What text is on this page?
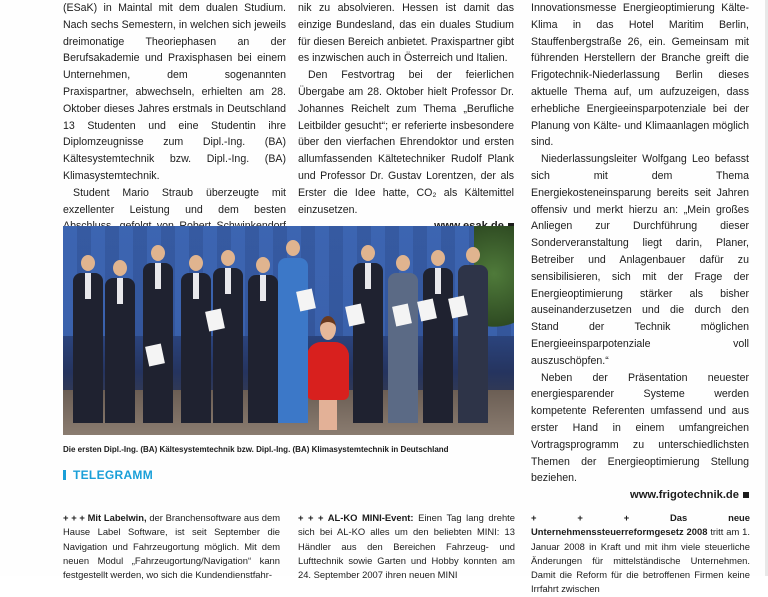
(ESaK) in Maintal mit dem dualen Studium. Nach sechs Semestern, in welchen sich jeweils dreimonatige Theoriephasen an der Berufsakademie und Praxisphasen bei einem Unternehmen, dem sogenannten Praxispartner, abwechseln, erhielten am 28. Oktober dieses Jahres erstmals in Deutschland 13 Studenten und eine Studentin ihre Diplomzeugnisse zum Dipl.-Ing. (BA) Kältesystemtechnik bzw. Dipl.-Ing. (BA) Klimasystemtechnik.

Student Mario Straub überzeugte mit exzellenter Leistung und dem besten

nik zu absolvieren. Hessen ist damit das einzige Bundesland, das ein duales Studium für diesen Bereich anbietet. Praxispartner gibt es inzwischen auch in Österreich und Italien.

Den Festvortrag bei der feierlichen Übergabe am 28. Oktober hielt Professor Dr. Johannes Reichelt zum Thema „Berufliche Leitbilder gesucht“; er referierte insbesondere über den vierfachen Ehrendoktor und ersten allumfassenden Kältetechniker Rudolf Plank und Professor Dr. Gustav Lorentzen, der als Erster die Idee hatte, CO₂ als Kältemittel einzusetzen.

Innovationsmesse Energieoptimierung Kälte-Klima in das Hotel Maritim Berlin, Stauffenbergstraße 26, ein. Gemeinsam mit führenden Herstellern der Branche greift die Frigotechnik-Niederlassung Berlin dieses aktuelle Thema auf, um aufzuzeigen, dass erhebliche Energieeinsparpotenziale bei der Planung von Kälte- und Klimaanlagen möglich sind.

Niederlassungsleiter Wolfgang Leo befasst sich mit dem Thema Energiekosteneinsparung bereits seit Jahren offensiv und merkt hierzu an: „Mein großes Anliegen zur Durchführung dieser Sonderveranstaltung liegt darin, Planer, Betreiber und Anlagenbauer dafür zu sensibilisieren, sich mit der Frage der Energieoptimierung stärker als bisher auseinanderzusetzen und die durch den Stand der Technik möglichen Energieeinsparpotenziale voll auszuschöpfen.“

Neben der Präsentation neuester energiesparender Systeme werden kompetente Referenten umfassend und aus erster Hand in einem umfangreichen Vortragsprogramm zu unterschiedlichsten Themen der Energieoptimierung Stellung beziehen.

www.frigotechnik.de
Die ersten Dipl.-Ing. (BA) Kältesystemtechnik bzw. Dipl.-Ing. (BA) Klimasystemtechnik in Deutschland
TELEGRAMM
+ + + Mit Labelwin, der Branchensoftware aus dem Hause Label Software, ist seit September die Navigation und Fahrzeugortung möglich. Mit dem neuen Modul „Fahrzeugortung/Navigation“ kann festgestellt werden, wo sich die Kundendienstfahr-
+ + + AL-KO MINI-Event: Einen Tag lang drehte sich bei AL-KO alles um den beliebten MINI: 13 Händler aus den Bereichen Fahrzeug- und Lufttechnik sowie Garten und Hobby konnten am 24. September 2007 ihren neuen MINI
+ + + Das neue Unternehmenssteuerreformgesetz 2008 tritt am 1. Januar 2008 in Kraft und mit ihm viele steuerliche Änderungen für mittelständische Unternehmen. Damit die Reform für die betroffenen Firmen keine Irrfahrt zwischen
